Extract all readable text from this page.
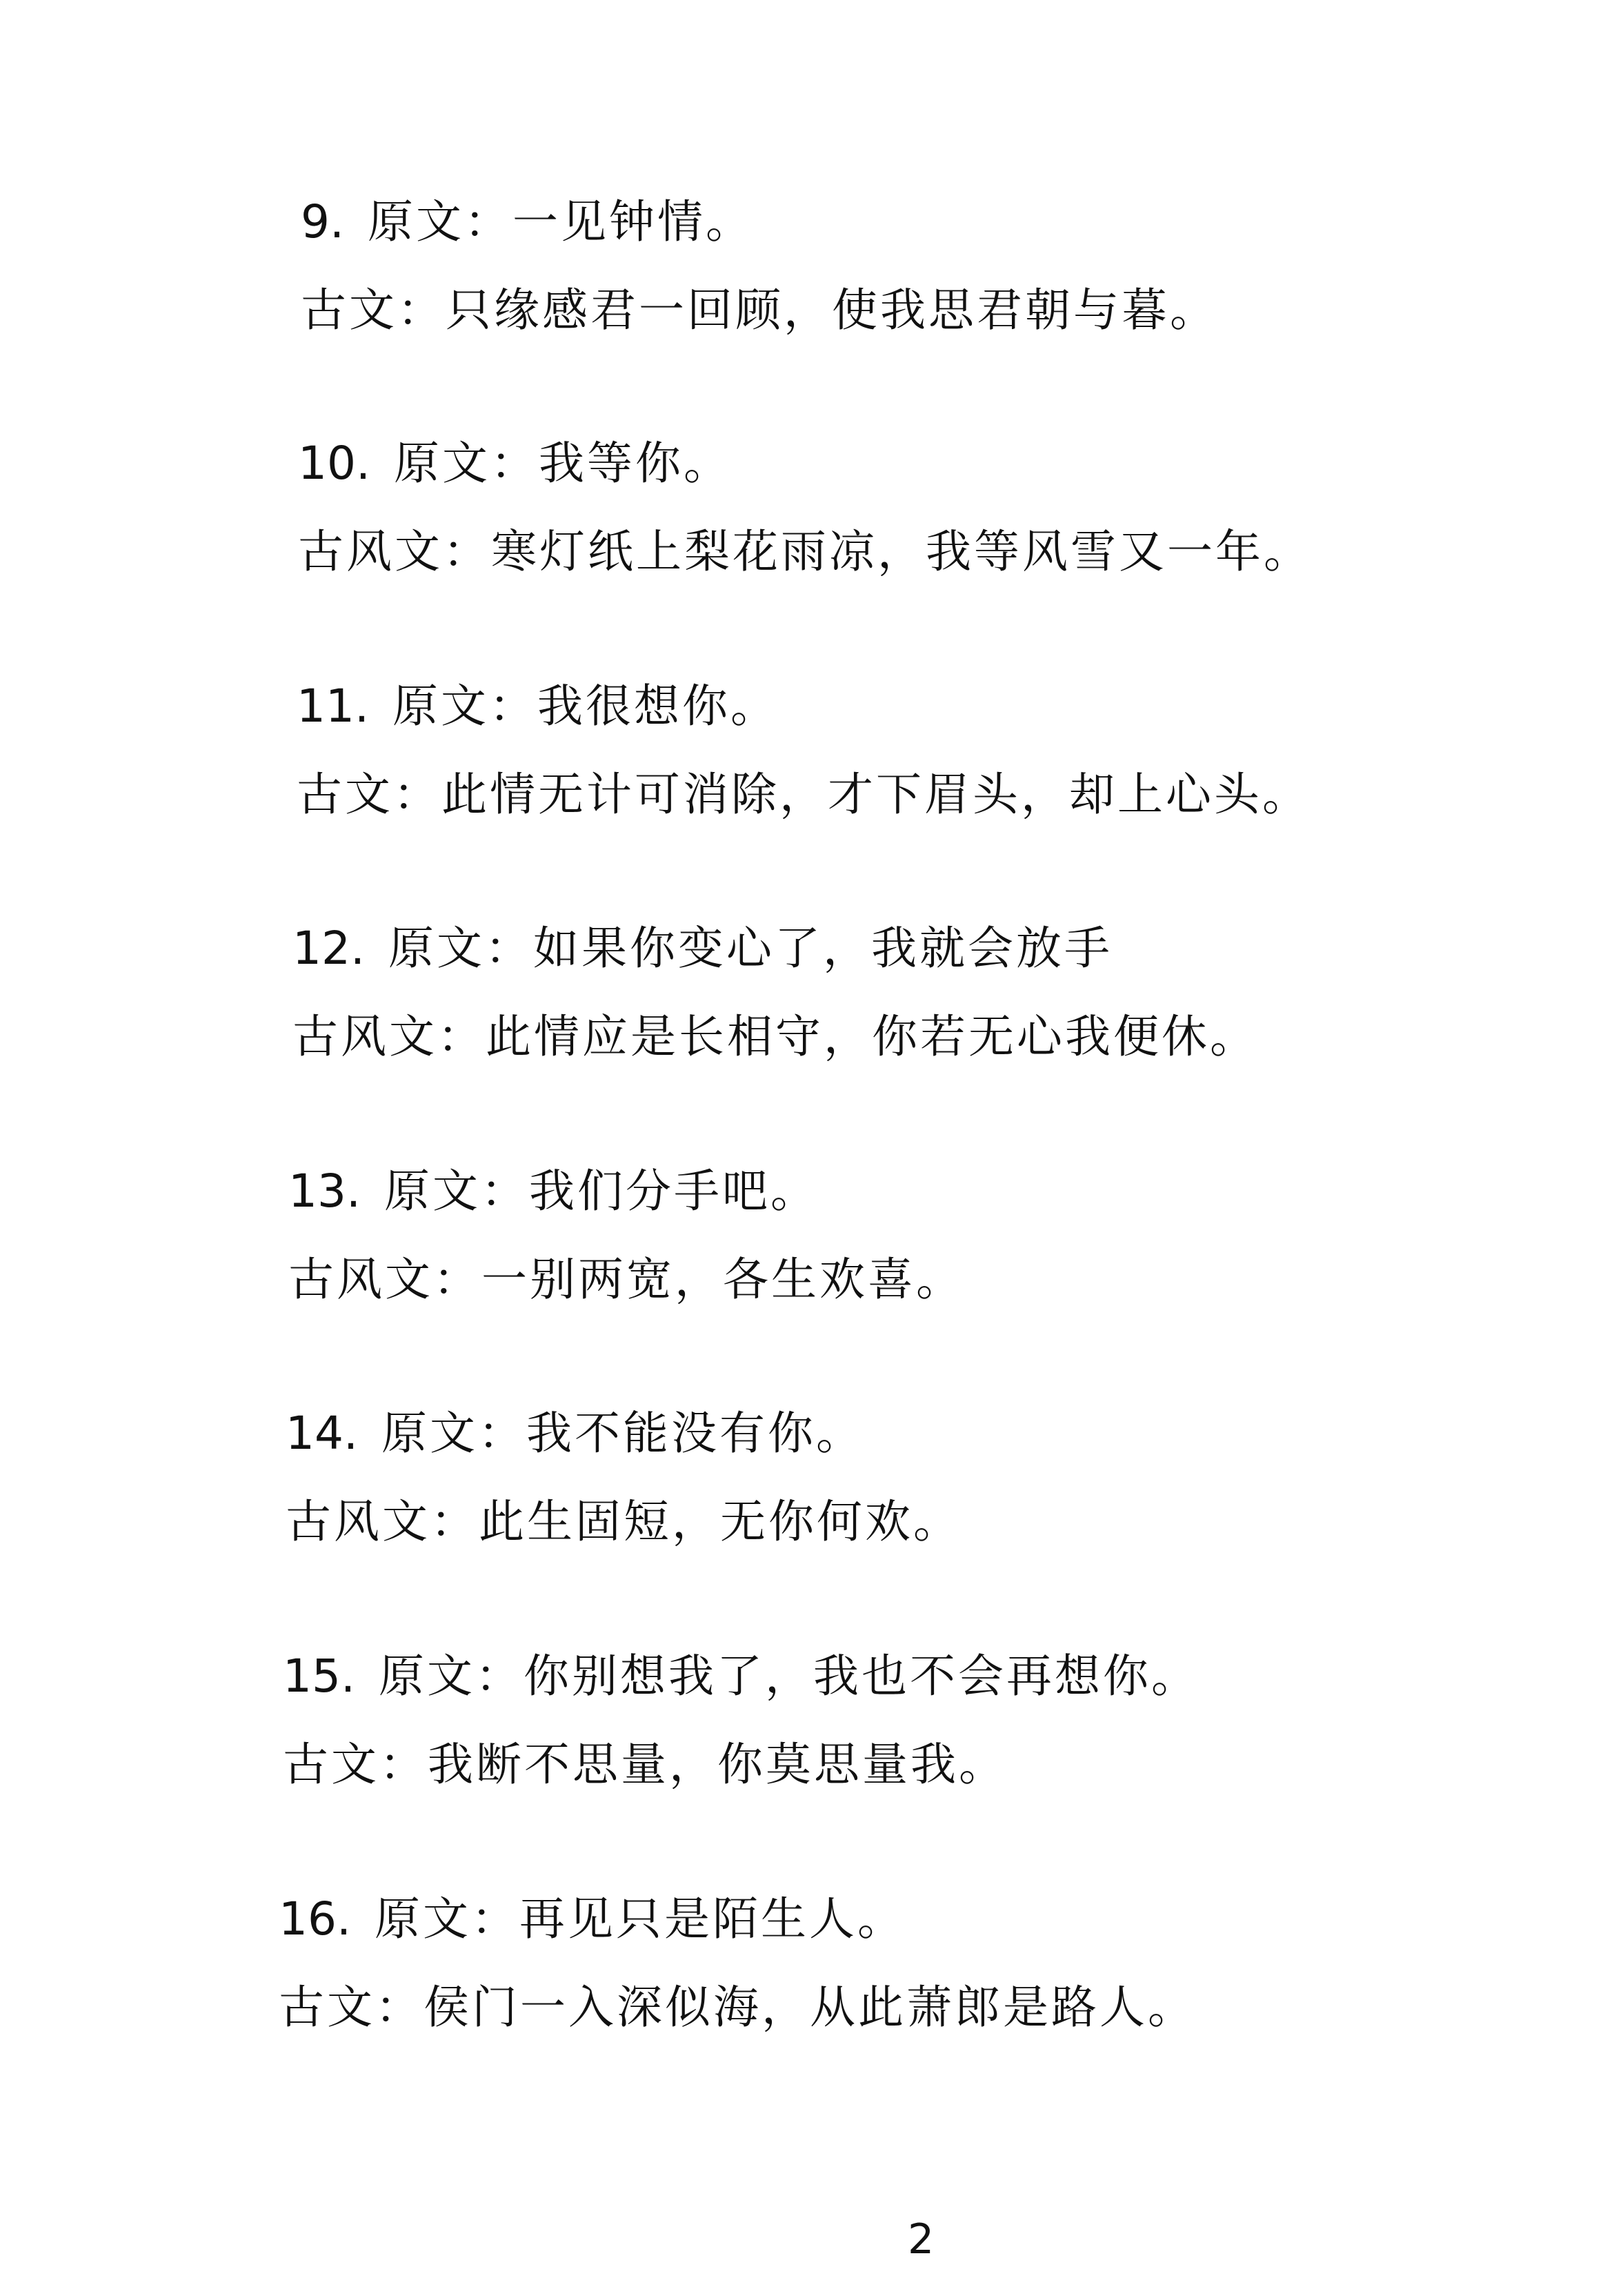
9. 原文：一见钟情。
古文：只缘感君一回顾，使我思君朝与暮。
10. 原文：我等你。
古风文：寒灯纸上梨花雨凉，我等风雪又一年。
11. 原文：我很想你。
古文：此情无计可消除，才下眉头，却上心头。
12. 原文：如果你变心了，我就会放手
古风文：此情应是长相守，你若无心我便休。
13. 原文：我们分手吧。
古风文：一别两宽，各生欢喜。
14. 原文：我不能没有你。
古风文：此生固短，无你何欢。
15. 原文：你别想我了，我也不会再想你。
古文：我断不思量，你莫思量我。
16. 原文：再见只是陌生人。
古文：侯门一入深似海，从此萧郎是路人。
2
